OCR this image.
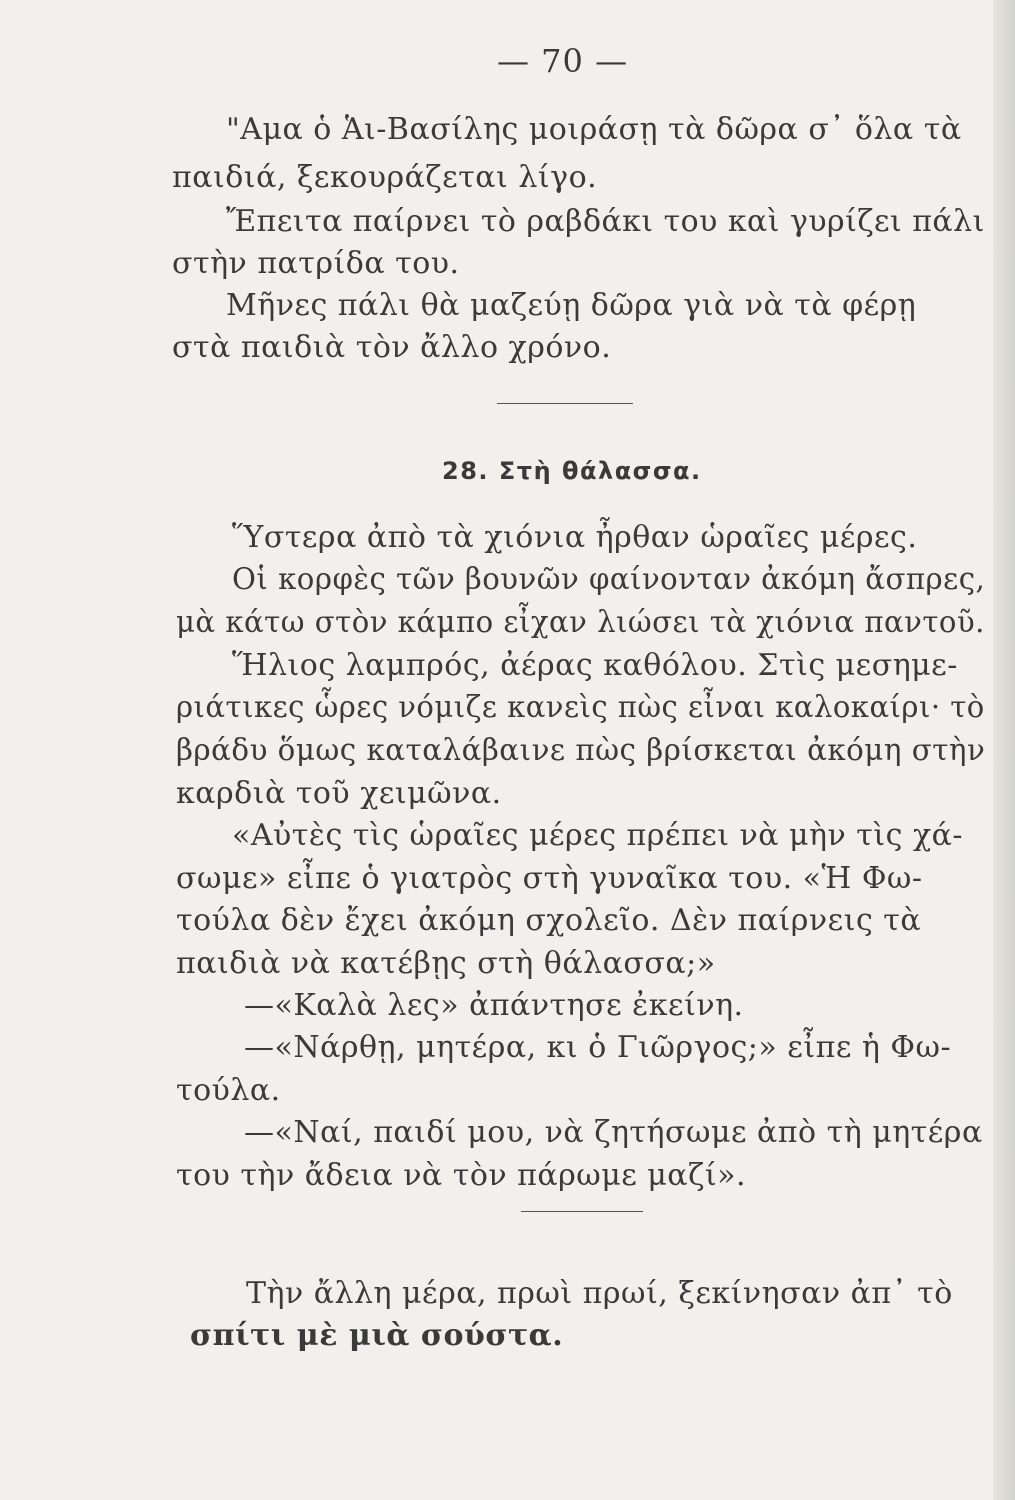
— 70 —
"Αμα ὁ Ἁι-Βασίλης μοιράσῃ τὰ δῶρα σ᾽ ὅλα τὰ
παιδιά, ξεκουράζεται λίγο.
Ἔπειτα παίρνει τὸ ραβδάκι του καὶ γυρίζει πάλι
στὴν πατρίδα του.
Μῆνες πάλι θὰ μαζεύῃ δῶρα γιὰ νὰ τὰ φέρῃ
στὰ παιδιὰ τὸν ἄλλο χρόνο.
28. Στὴ θάλασσα.
Ὕστερα ἀπὸ τὰ χιόνια ἦρθαν ὡραῖες μέρες.
Οἱ κορφὲς τῶν βουνῶν φαίνονταν ἀκόμη ἄσπρες,
μὰ κάτω στὸν κάμπο εἶχαν λιώσει τὰ χιόνια παντοῦ.
Ἥλιος λαμπρός, ἀέρας καθόλου. Στὶς μεσημε-
ριάτικες ὧρες νόμιζε κανεὶς πὼς εἶναι καλοκαίρι· τὸ
βράδυ ὅμως καταλάβαινε πὼς βρίσκεται ἀκόμη στὴν
καρδιὰ τοῦ χειμῶνα.
«Αὐτὲς τὶς ὡραῖες μέρες πρέπει νὰ μὴν τὶς χά-
σωμε» εἶπε ὁ γιατρὸς στὴ γυναῖκα του. «Ἡ Φω-
τούλα δὲν ἔχει ἀκόμη σχολεῖο. Δὲν παίρνεις τὰ
παιδιὰ νὰ κατέβῃς στὴ θάλασσα;»
—«Καλὰ λες» ἀπάντησε ἐκείνη.
—«Νάρθῃ, μητέρα, κι ὁ Γιῶργος;» εἶπε ἡ Φω-
τούλα.
—«Ναί, παιδί μου, νὰ ζητήσωμε ἀπὸ τὴ μητέρα
του τὴν ἄδεια νὰ τὸν πάρωμε μαζί».
Τὴν ἄλλη μέρα, πρωὶ πρωί, ξεκίνησαν ἀπ᾽ τὸ
σπίτι μὲ μιὰ σούστα.
